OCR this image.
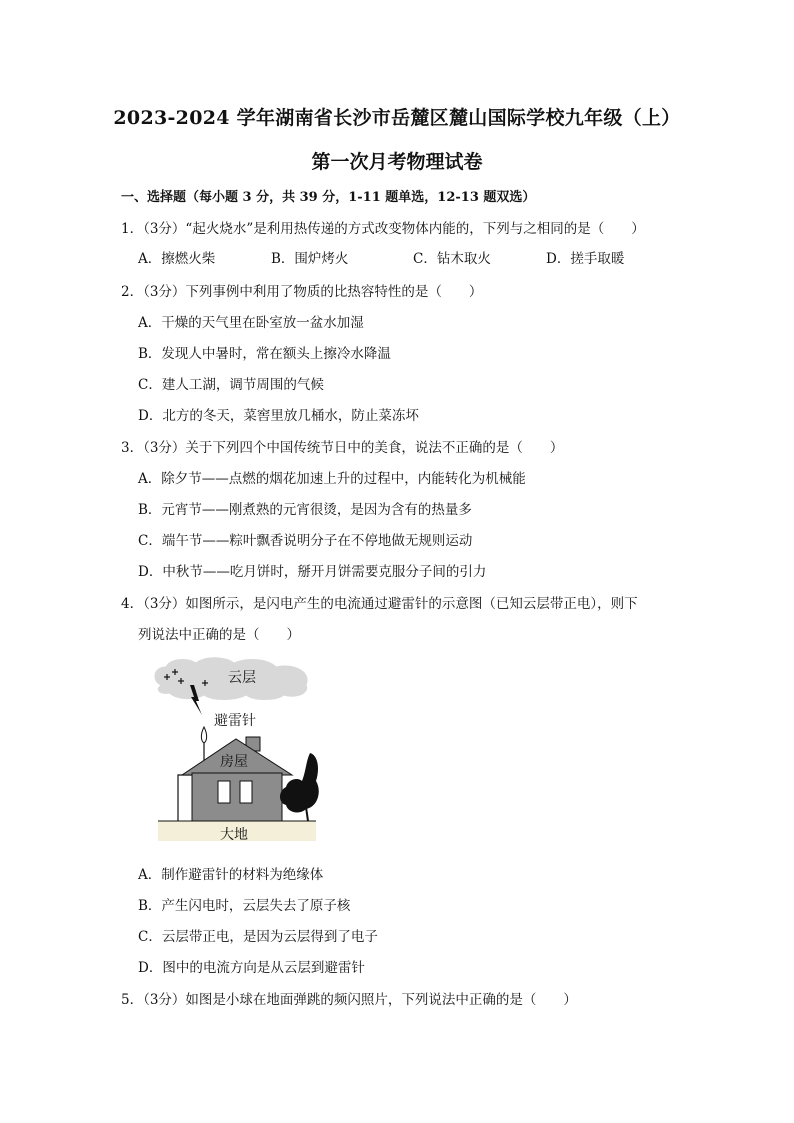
2023-2024 学年湖南省长沙市岳麓区麓山国际学校九年级（上）
第一次月考物理试卷
一、选择题（每小题 3 分，共 39 分，1-11 题单选，12-13 题双选）
1．（3分）“起火烧水”是利用热传递的方式改变物体内能的，下列与之相同的是（　　）
A．擦燃火柴	B．围炉烤火	C．钻木取火	D．搓手取暖
2．（3分）下列事例中利用了物质的比热容特性的是（　　）
A．干燥的天气里在卧室放一盆水加湿
B．发现人中暑时，常在额头上擦冷水降温
C．建人工湖，调节周围的气候
D．北方的冬天，菜窖里放几桶水，防止菜冻坏
3．（3分）关于下列四个中国传统节日中的美食，说法不正确的是（　　）
A．除夕节——点燃的烟花加速上升的过程中，内能转化为机械能
B．元宵节——刚煮熟的元宵很烫，是因为含有的热量多
C．端午节——粽叶飘香说明分子在不停地做无规则运动
D．中秋节——吃月饼时，掰开月饼需要克服分子间的引力
4．（3分）如图所示，是闪电产生的电流通过避雷针的示意图（已知云层带正电），则下
列说法中正确的是（　　）
云层
避雷针
大地
房屋
A．制作避雷针的材料为绝缘体
B．产生闪电时，云层失去了原子核
C．云层带正电，是因为云层得到了电子
D．图中的电流方向是从云层到避雷针
5．（3分）如图是小球在地面弹跳的频闪照片，下列说法中正确的是（　　）
